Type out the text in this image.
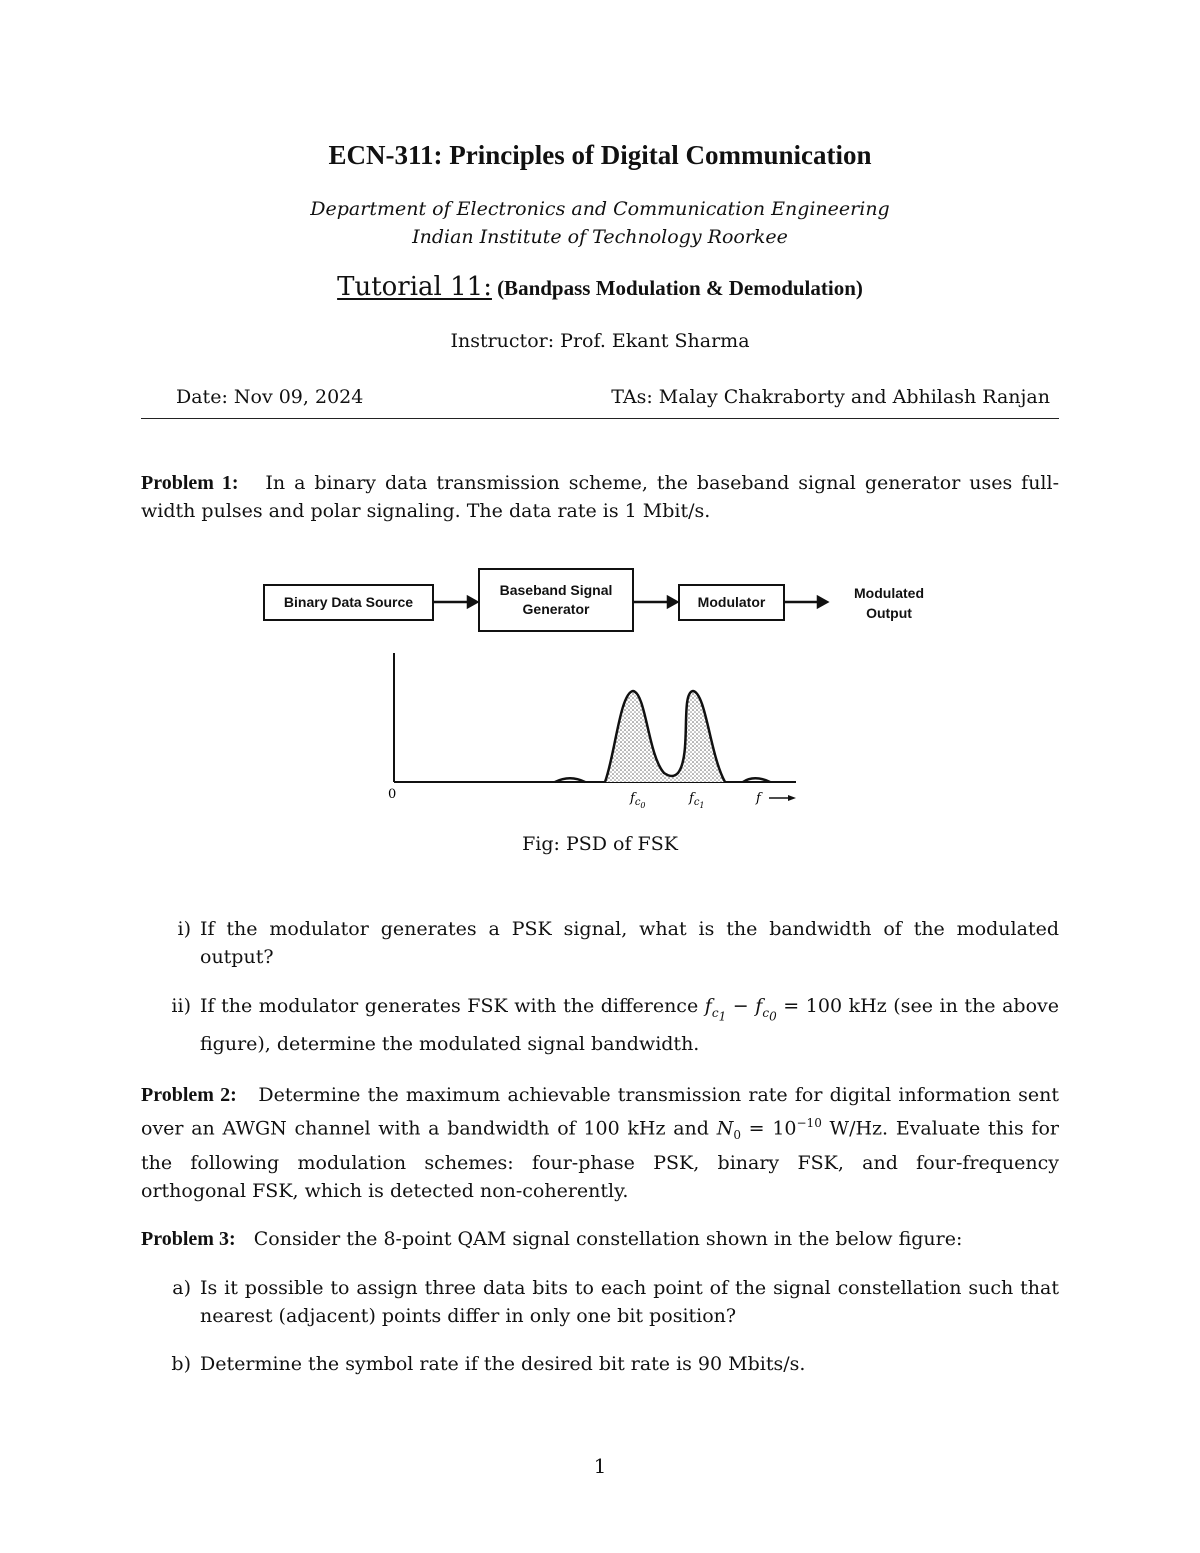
ECN-311: Principles of Digital Communication
Department of Electronics and Communication Engineering
Indian Institute of Technology Roorkee
Tutorial 11: (Bandpass Modulation & Demodulation)
Instructor: Prof. Ekant Sharma
Date: Nov 09, 2024	TAs: Malay Chakraborty and Abhilash Ranjan
Problem 1: In a binary data transmission scheme, the baseband signal generator uses full-width pulses and polar signaling. The data rate is 1 Mbit/s.
Binary Data Source
Baseband Signal
Generator	Modulator
Modulated
Output
0	$f_{c0}$	$f_{c1}$	f
Fig: PSD of FSK
i) If the modulator generates a PSK signal, what is the bandwidth of the modulated output?
ii) If the modulator generates FSK with the difference $f_{c_1} - f_{c_0} = 100$ kHz (see in the above figure), determine the modulated signal bandwidth.
Problem 2: Determine the maximum achievable transmission rate for digital information sent over an AWGN channel with a bandwidth of 100 kHz and $N_0 = 10^{-10}$ W/Hz. Evaluate this for the following modulation schemes: four-phase PSK, binary FSK, and four-frequency orthogonal FSK, which is detected non-coherently.
Problem 3: Consider the 8-point QAM signal constellation shown in the below figure:
a) Is it possible to assign three data bits to each point of the signal constellation such that nearest (adjacent) points differ in only one bit position?
b) Determine the symbol rate if the desired bit rate is 90 Mbits/s.
1
